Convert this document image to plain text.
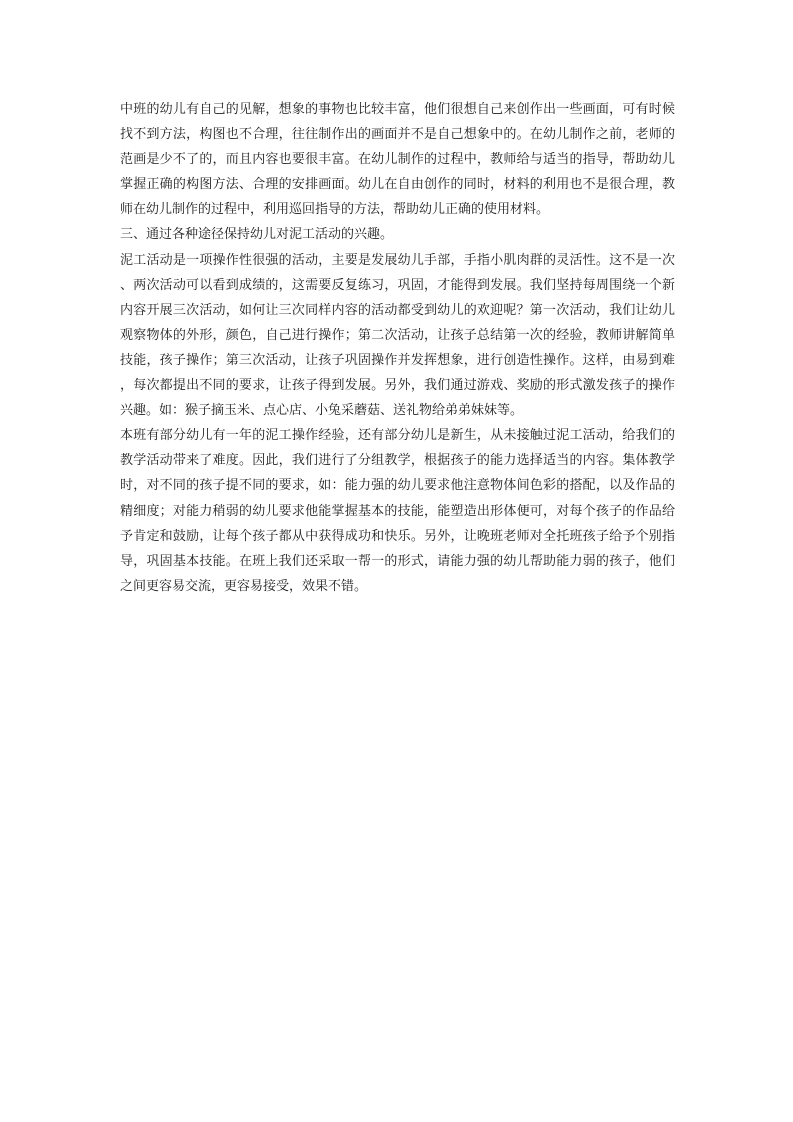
中班的幼儿有自己的见解，想象的事物也比较丰富，他们很想自己来创作出一些画面，可有时候找不到方法，构图也不合理，往往制作出的画面并不是自己想象中的。在幼儿制作之前，老师的范画是少不了的，而且内容也要很丰富。在幼儿制作的过程中，教师给与适当的指导，帮助幼儿掌握正确的构图方法、合理的安排画面。幼儿在自由创作的同时，材料的利用也不是很合理，教师在幼儿制作的过程中，利用巡回指导的方法，帮助幼儿正确的使用材料。

三、通过各种途径保持幼儿对泥工活动的兴趣。

泥工活动是一项操作性很强的活动，主要是发展幼儿手部，手指小肌肉群的灵活性。这不是一次、两次活动可以看到成绩的，这需要反复练习，巩固，才能得到发展。我们坚持每周围绕一个新内容开展三次活动，如何让三次同样内容的活动都受到幼儿的欢迎呢？第一次活动，我们让幼儿观察物体的外形，颜色，自己进行操作；第二次活动，让孩子总结第一次的经验，教师讲解简单技能，孩子操作；第三次活动，让孩子巩固操作并发挥想象，进行创造性操作。这样，由易到难，每次都提出不同的要求，让孩子得到发展。另外，我们通过游戏、奖励的形式激发孩子的操作兴趣。如：猴子摘玉米、点心店、小兔采蘑菇、送礼物给弟弟妹妹等。

本班有部分幼儿有一年的泥工操作经验，还有部分幼儿是新生，从未接触过泥工活动，给我们的教学活动带来了难度。因此，我们进行了分组教学，根据孩子的能力选择适当的内容。集体教学时，对不同的孩子提不同的要求，如：能力强的幼儿要求他注意物体间色彩的搭配，以及作品的精细度；对能力稍弱的幼儿要求他能掌握基本的技能，能塑造出形体便可，对每个孩子的作品给予肯定和鼓励，让每个孩子都从中获得成功和快乐。另外，让晚班老师对全托班孩子给予个别指导，巩固基本技能。在班上我们还采取一帮一的形式，请能力强的幼儿帮助能力弱的孩子，他们之间更容易交流，更容易接受，效果不错。
